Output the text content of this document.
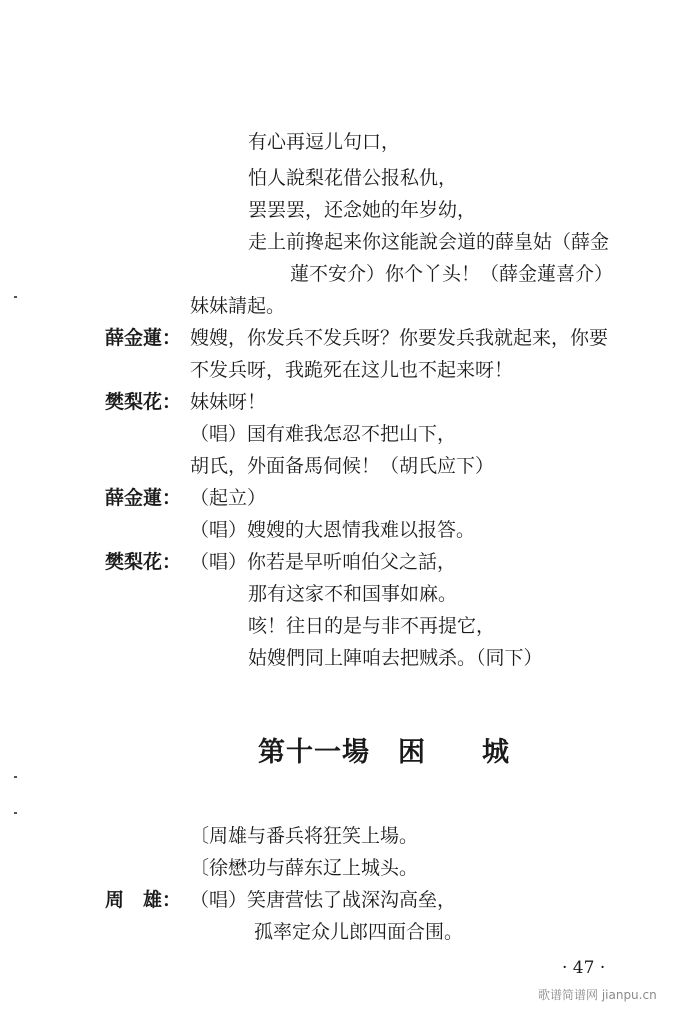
有心再逗儿句口，
怕人說梨花借公报私仇，
罢罢罢，还念她的年岁幼，
走上前搀起来你这能說会道的薛皇姑（薛金
蓮不安介）你个丫头！（薛金蓮喜介）
妹妹請起。
薛金蓮： 嫂嫂，你发兵不发兵呀？你要发兵我就起来，你要
不发兵呀，我跪死在这儿也不起来呀！
樊梨花： 妹妹呀！
（唱）国有难我怎忍不把山下，
胡氏，外面备馬伺候！（胡氏应下）
薛金蓮： （起立）
（唱）嫂嫂的大恩情我难以报答。
樊梨花： （唱）你若是早听咱伯父之話，
那有这家不和国事如麻。
咳！往日的是与非不再提它，
姑嫂們同上陣咱去把贼杀。（同下）
第十一場　困　　城
〔周雄与番兵将狂笑上場。
〔徐懋功与薛东辽上城头。
周　雄： （唱）笑唐营怯了战深沟高垒，
孤率定众儿郎四面合围。
· 47 ·
歌谱简谱网 jianpu.cn
